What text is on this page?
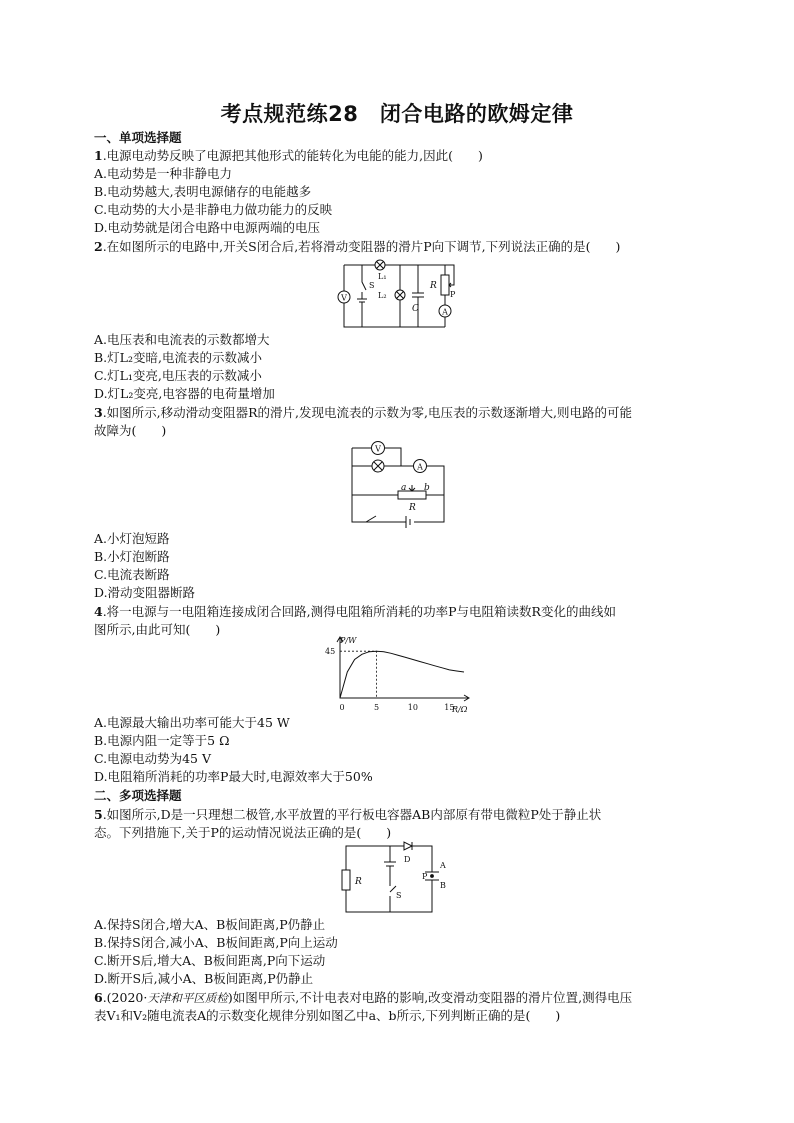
考点规范练28　闭合电路的欧姆定律
一、单项选择题
1.电源电动势反映了电源把其他形式的能转化为电能的能力,因此(　　)
A.电动势是一种非静电力
B.电动势越大,表明电源储存的电能越多
C.电动势的大小是非静电力做功能力的反映
D.电动势就是闭合电路中电源两端的电压
2.在如图所示的电路中,开关S闭合后,若将滑动变阻器的滑片P向下调节,下列说法正确的是(　　)
V
S
L₁
L₂
C
R
P
A
A.电压表和电流表的示数都增大
B.灯L₂变暗,电流表的示数减小
C.灯L₁变亮,电压表的示数减小
D.灯L₂变亮,电容器的电荷量增加
3.如图所示,移动滑动变阻器R的滑片,发现电流表的示数为零,电压表的示数逐渐增大,则电路的可能
故障为(　　)
V
A
a b
R
A.小灯泡短路
B.小灯泡断路
C.电流表断路
D.滑动变阻器断路
4.将一电源与一电阻箱连接成闭合回路,测得电阻箱所消耗的功率P与电阻箱读数R变化的曲线如
图所示,由此可知(　　)
P/W
45
0	5	10	15
R/Ω
A.电源最大输出功率可能大于45 W
B.电源内阻一定等于5 Ω
C.电源电动势为45 V
D.电阻箱所消耗的功率P最大时,电源效率大于50%
二、多项选择题
5.如图所示,D是一只理想二极管,水平放置的平行板电容器AB内部原有带电微粒P处于静止状
态。下列措施下,关于P的运动情况说法正确的是(　　)
R
S
D
A
P
B
A.保持S闭合,增大A、B板间距离,P仍静止
B.保持S闭合,减小A、B板间距离,P向上运动
C.断开S后,增大A、B板间距离,P向下运动
D.断开S后,减小A、B板间距离,P仍静止
6.(2020·天津和平区质检)如图甲所示,不计电表对电路的影响,改变滑动变阻器的滑片位置,测得电压
表V₁和V₂随电流表A的示数变化规律分别如图乙中a、b所示,下列判断正确的是(　　)
